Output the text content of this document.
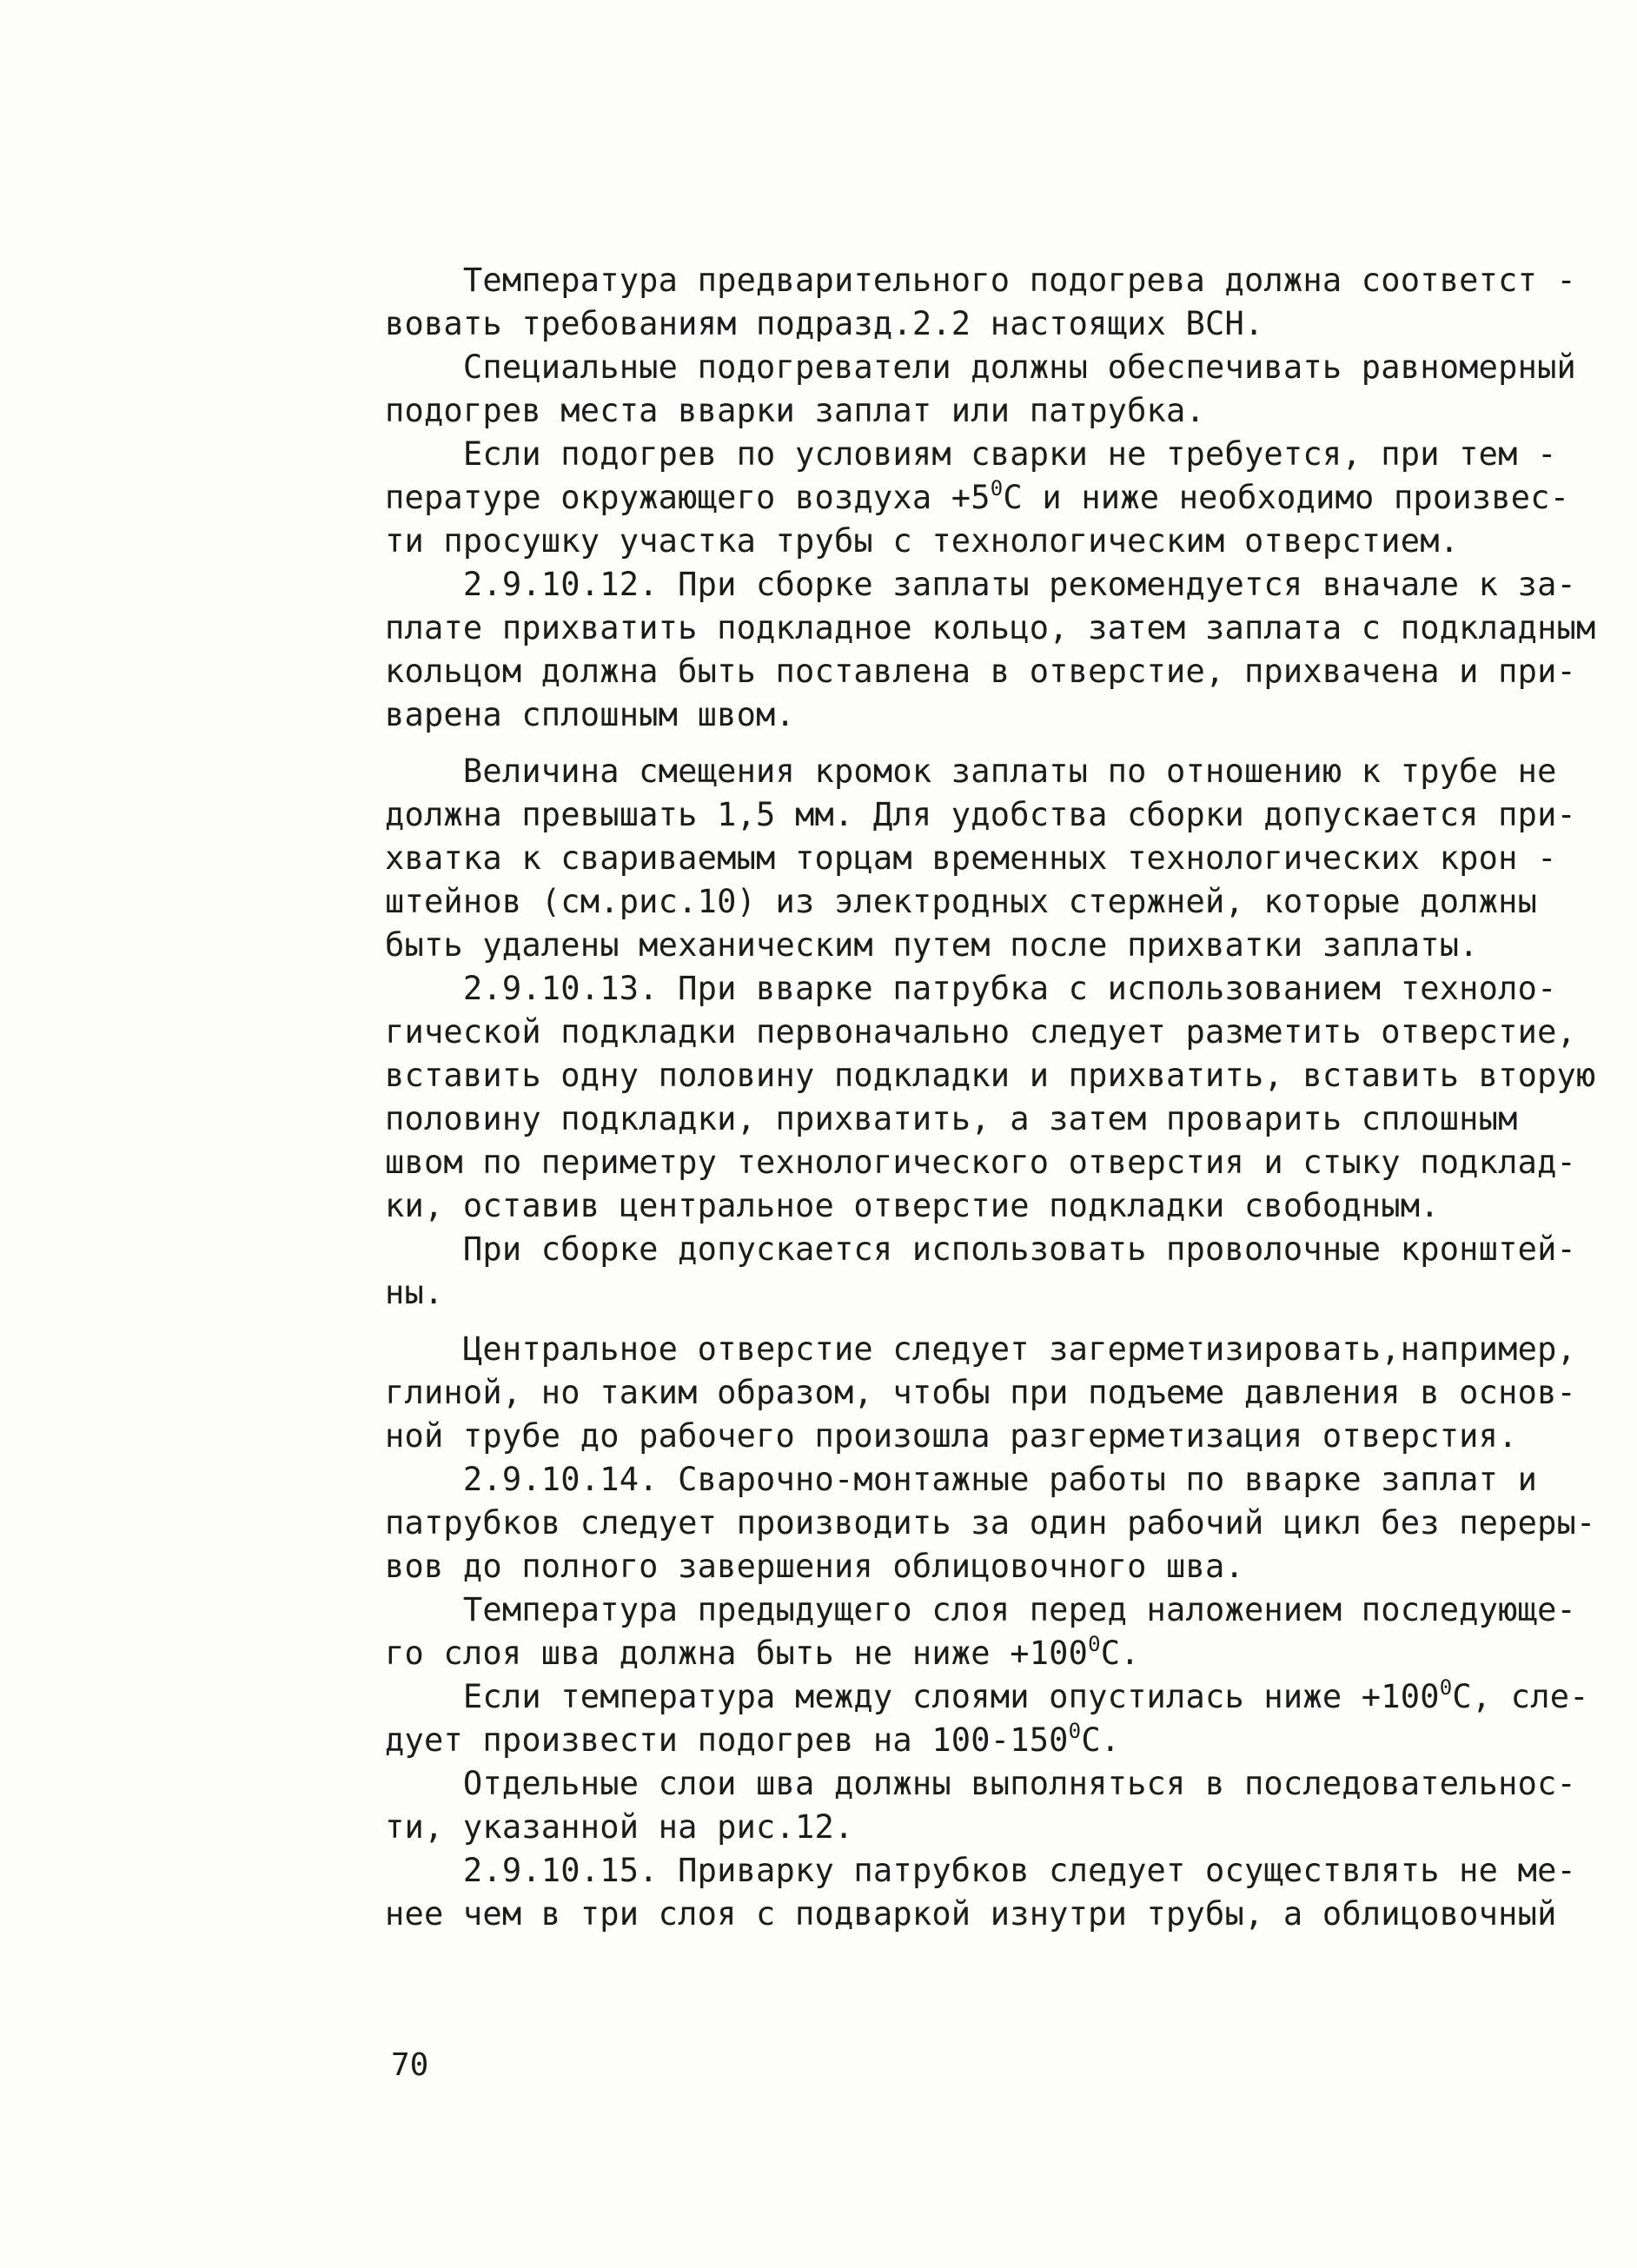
Температура предварительного подогрева должна соответст -
вовать требованиям подразд.2.2 настоящих ВСН.
Специальные подогреватели должны обеспечивать равномерный
подогрев места вварки заплат или патрубка.
Если подогрев по условиям сварки не требуется, при тем -
пературе окружающего воздуха $+5^0С$ и ниже необходимо произвес-
ти просушку участка трубы с технологическим отверстием.
2.9.10.12. При сборке заплаты рекомендуется вначале к за-
плате прихватить подкладное кольцо, затем заплата с подкладным
кольцом должна быть поставлена в отверстие, прихвачена и при-
варена сплошным швом.
Величина смещения кромок заплаты по отношению к трубе не
должна превышать 1,5 мм. Для удобства сборки допускается при-
хватка к свариваемым торцам временных технологических крон -
штейнов (см.рис.10) из электродных стержней, которые должны
быть удалены механическим путем после прихватки заплаты.
2.9.10.13. При вварке патрубка с использованием техноло-
гической подкладки первоначально следует разметить отверстие,
вставить одну половину подкладки и прихватить, вставить вторую
половину подкладки, прихватить, а затем проварить сплошным
швом по периметру технологического отверстия и стыку подклад-
ки, оставив центральное отверстие подкладки свободным.
При сборке допускается использовать проволочные кронштей-
ны.
Центральное отверстие следует загерметизировать,например,
глиной, но таким образом, чтобы при подъеме давления в основ-
ной трубе до рабочего произошла разгерметизация отверстия.
2.9.10.14. Сварочно-монтажные работы по вварке заплат и
патрубков следует производить за один рабочий цикл без переры-
вов до полного завершения облицовочного шва.
Температура предыдущего слоя перед наложением последующе-
го слоя шва должна быть не ниже $+100^0С$.
Если температура между слоями опустилась ниже $+100^0С$, сле-
дует произвести подогрев на $100-150^0С$.
Отдельные слои шва должны выполняться в последовательнос-
ти, указанной на рис.12.
2.9.10.15. Приварку патрубков следует осуществлять не ме-
нее чем в три слоя с подваркой изнутри трубы, а облицовочный
70
